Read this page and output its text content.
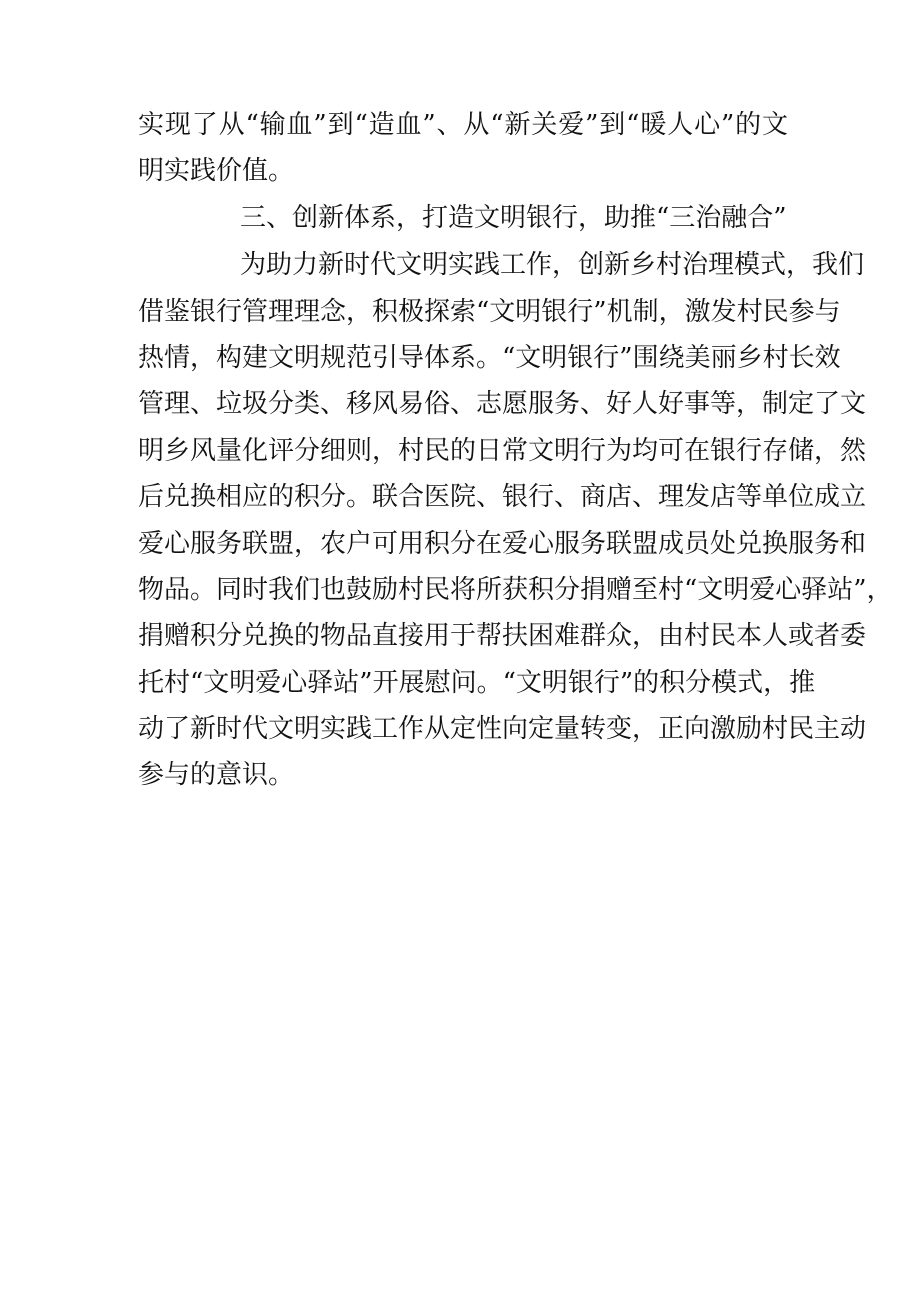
实现了从“输血”到“造血”、从“新关爱”到“暖人心”的文
明实践价值。
三、创新体系，打造文明银行，助推“三治融合”
为助力新时代文明实践工作，创新乡村治理模式，我们
借鉴银行管理理念，积极探索“文明银行”机制，激发村民参与
热情，构建文明规范引导体系。“文明银行”围绕美丽乡村长效
管理、垃圾分类、移风易俗、志愿服务、好人好事等，制定了文
明乡风量化评分细则，村民的日常文明行为均可在银行存储，然
后兑换相应的积分。联合医院、银行、商店、理发店等单位成立
爱心服务联盟，农户可用积分在爱心服务联盟成员处兑换服务和
物品。同时我们也鼓励村民将所获积分捐赠至村“文明爱心驿站”，
捐赠积分兑换的物品直接用于帮扶困难群众，由村民本人或者委
托村“文明爱心驿站”开展慰问。“文明银行”的积分模式，推
动了新时代文明实践工作从定性向定量转变，正向激励村民主动
参与的意识。
